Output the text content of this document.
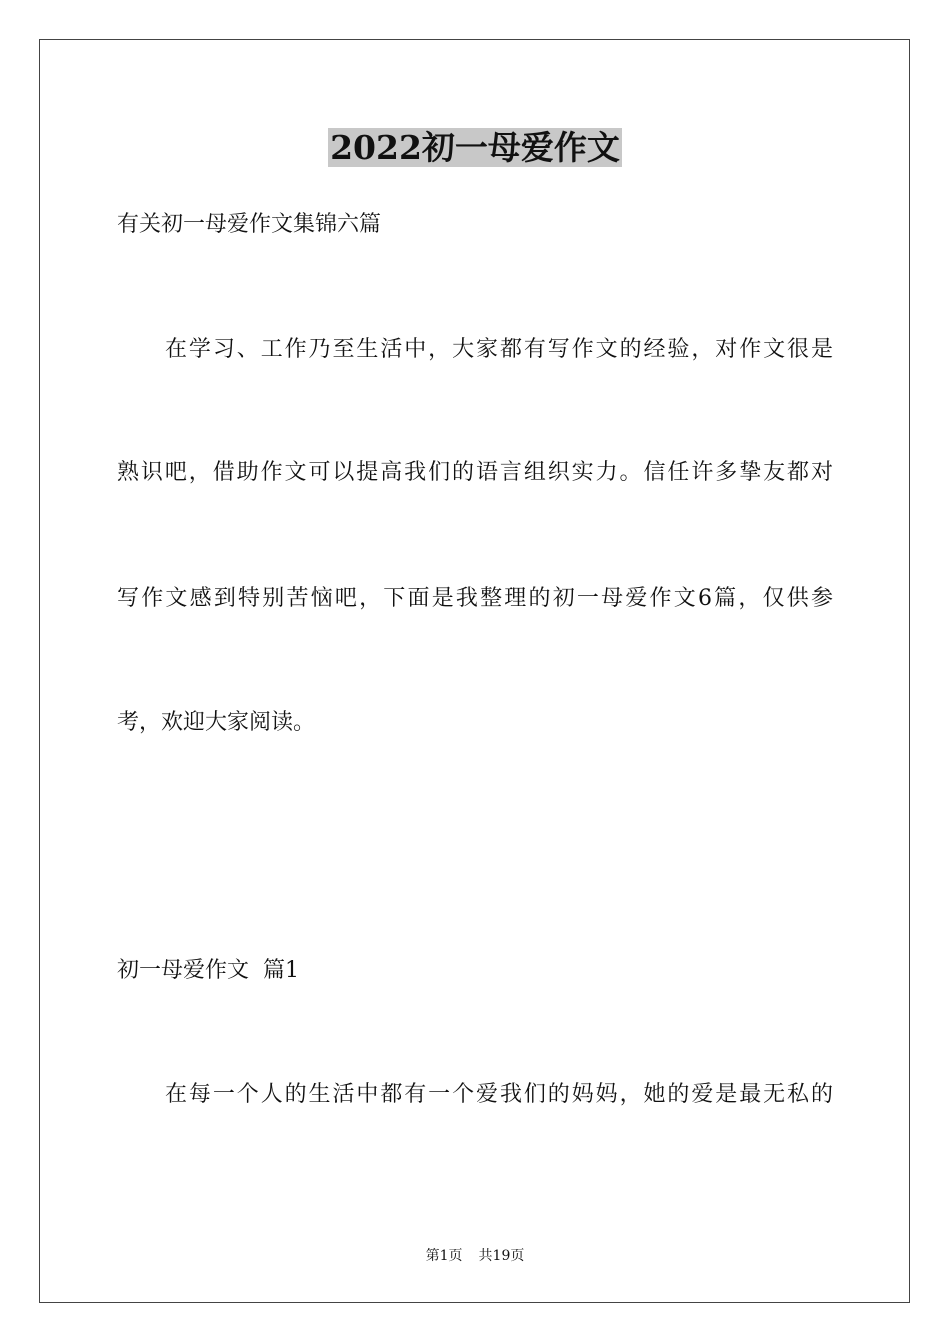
2022初一母爱作文

有关初一母爱作文集锦六篇

在学习、工作乃至生活中，大家都有写作文的经验，对作文很是

熟识吧，借助作文可以提高我们的语言组织实力。信任许多挚友都对

写作文感到特别苦恼吧，下面是我整理的初一母爱作文6篇，仅供参

考，欢迎大家阅读。

初一母爱作文  篇1

在每一个人的生活中都有一个爱我们的妈妈，她的爱是最无私的

第1页 共19页
